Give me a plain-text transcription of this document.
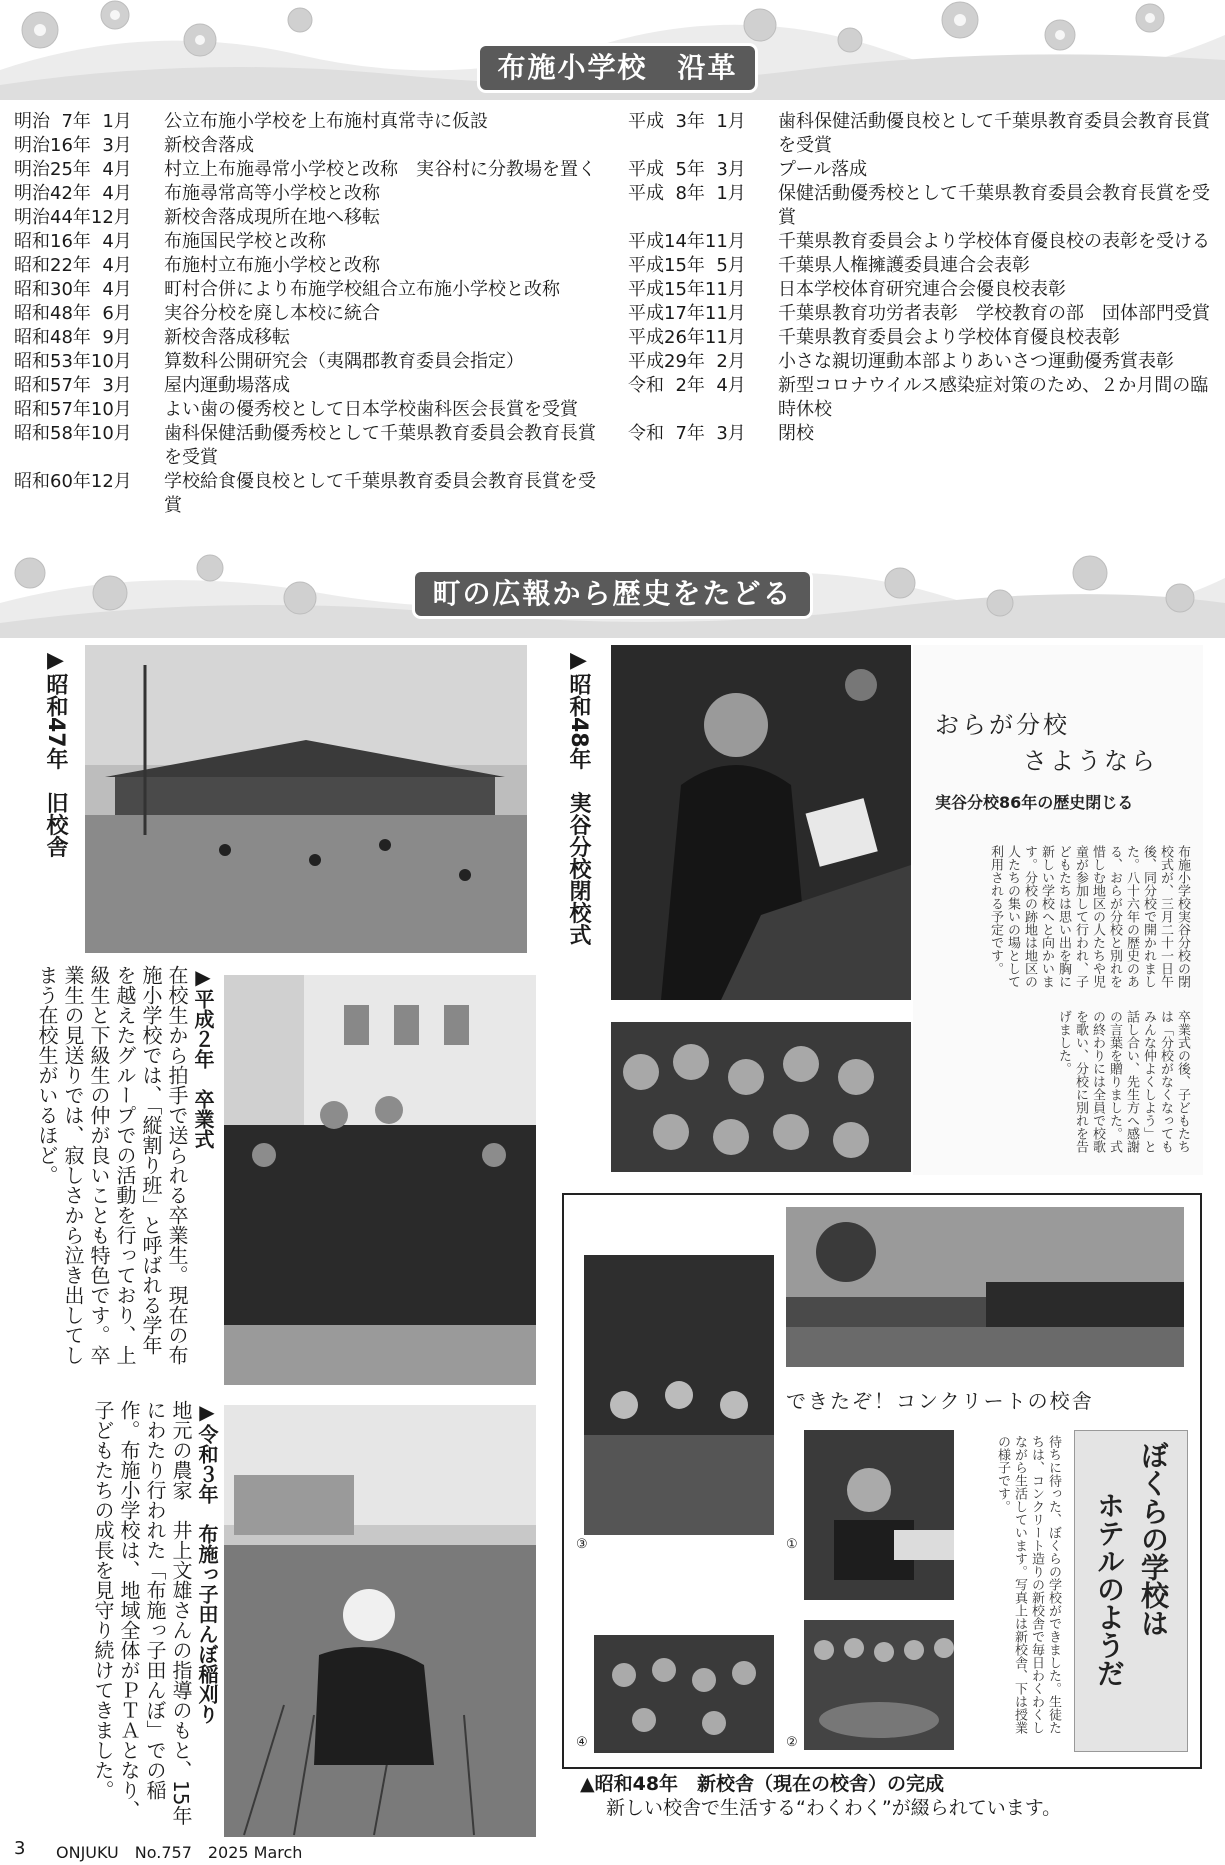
布施小学校　沿革
明治  7年  1月	公立布施小学校を上布施村真常寺に仮設
明治16年  3月	新校舎落成
明治25年  4月	村立上布施尋常小学校と改称　実谷村に分教場を置く
明治42年  4月	布施尋常高等小学校と改称
明治44年12月	新校舎落成現所在地へ移転
昭和16年  4月	布施国民学校と改称
昭和22年  4月	布施村立布施小学校と改称
昭和30年  4月	町村合併により布施学校組合立布施小学校と改称
昭和48年  6月	実谷分校を廃し本校に統合
昭和48年  9月	新校舎落成移転
昭和53年10月	算数科公開研究会（夷隅郡教育委員会指定）
昭和57年  3月	屋内運動場落成
昭和57年10月	よい歯の優秀校として日本学校歯科医会長賞を受賞
昭和58年10月	歯科保健活動優秀校として千葉県教育委員会教育長賞を受賞
昭和60年12月	学校給食優良校として千葉県教育委員会教育長賞を受賞
平成  3年  1月	歯科保健活動優良校として千葉県教育委員会教育長賞を受賞
平成  5年  3月	プール落成
平成  8年  1月	保健活動優秀校として千葉県教育委員会教育長賞を受賞
平成14年11月	千葉県教育委員会より学校体育優良校の表彰を受ける
平成15年  5月	千葉県人権擁護委員連合会表彰
平成15年11月	日本学校体育研究連合会優良校表彰
平成17年11月	千葉県教育功労者表彰　学校教育の部　団体部門受賞
平成26年11月	千葉県教育委員会より学校体育優良校表彰
平成29年  2月	小さな親切運動本部よりあいさつ運動優秀賞表彰
令和  2年  4月	新型コロナウイルス感染症対策のため、２か月間の臨時休校
令和  7年  3月	閉校
町の広報から歴史をたどる
▶昭和47年　旧校舎	▶昭和48年　実谷分校閉校式	おらが分校
さようなら
実谷分校86年の歴史閉じる
布施小学校実谷分校の閉校式が、三月二十一日午後、同分校で開かれました。八十六年の歴史のある、おらが分校と別れを惜しむ地区の人たちや児童が参加して行われ、子どもたちは思い出を胸に新しい学校へと向かいます。分校の跡地は地区の人たちの集いの場として利用される予定です。
卒業式の後、子どもたちは「分校がなくなってもみんな仲よくしよう」と話し合い、先生方へ感謝の言葉を贈りました。式の終わりには全員で校歌を歌い、分校に別れを告げました。
▶平成２年　卒業式
在校生から拍手で送られる卒業生。現在の布施小学校では、「縦割り班」と呼ばれる学年を越えたグループでの活動を行っており、上級生と下級生の仲が良いことも特色です。卒業生の見送りでは、寂しさから泣き出してしまう在校生がいるほど。
▶令和３年　布施っ子田んぼ稲刈り
地元の農家　井上文雄さんの指導のもと、15年にわたり行われた「布施っ子田んぼ」での稲作。布施小学校は、地域全体がＰＴＡとなり、子どもたちの成長を見守り続けてきました。	できたぞ！コンクリートの校舎
③	①
④	②
待ちに待った、ぼくらの学校ができました。生徒たちは、コンクリート造りの新校舎で毎日わくわくしながら生活しています。写真上は新校舎、下は授業の様子です。	ぼくらの学校は
ホテルのようだ
▲昭和48年　新校舎（現在の校舎）の完成
新しい校舎で生活する“わくわく”が綴られています。
3 ONJUKU　No.757　2025 March
